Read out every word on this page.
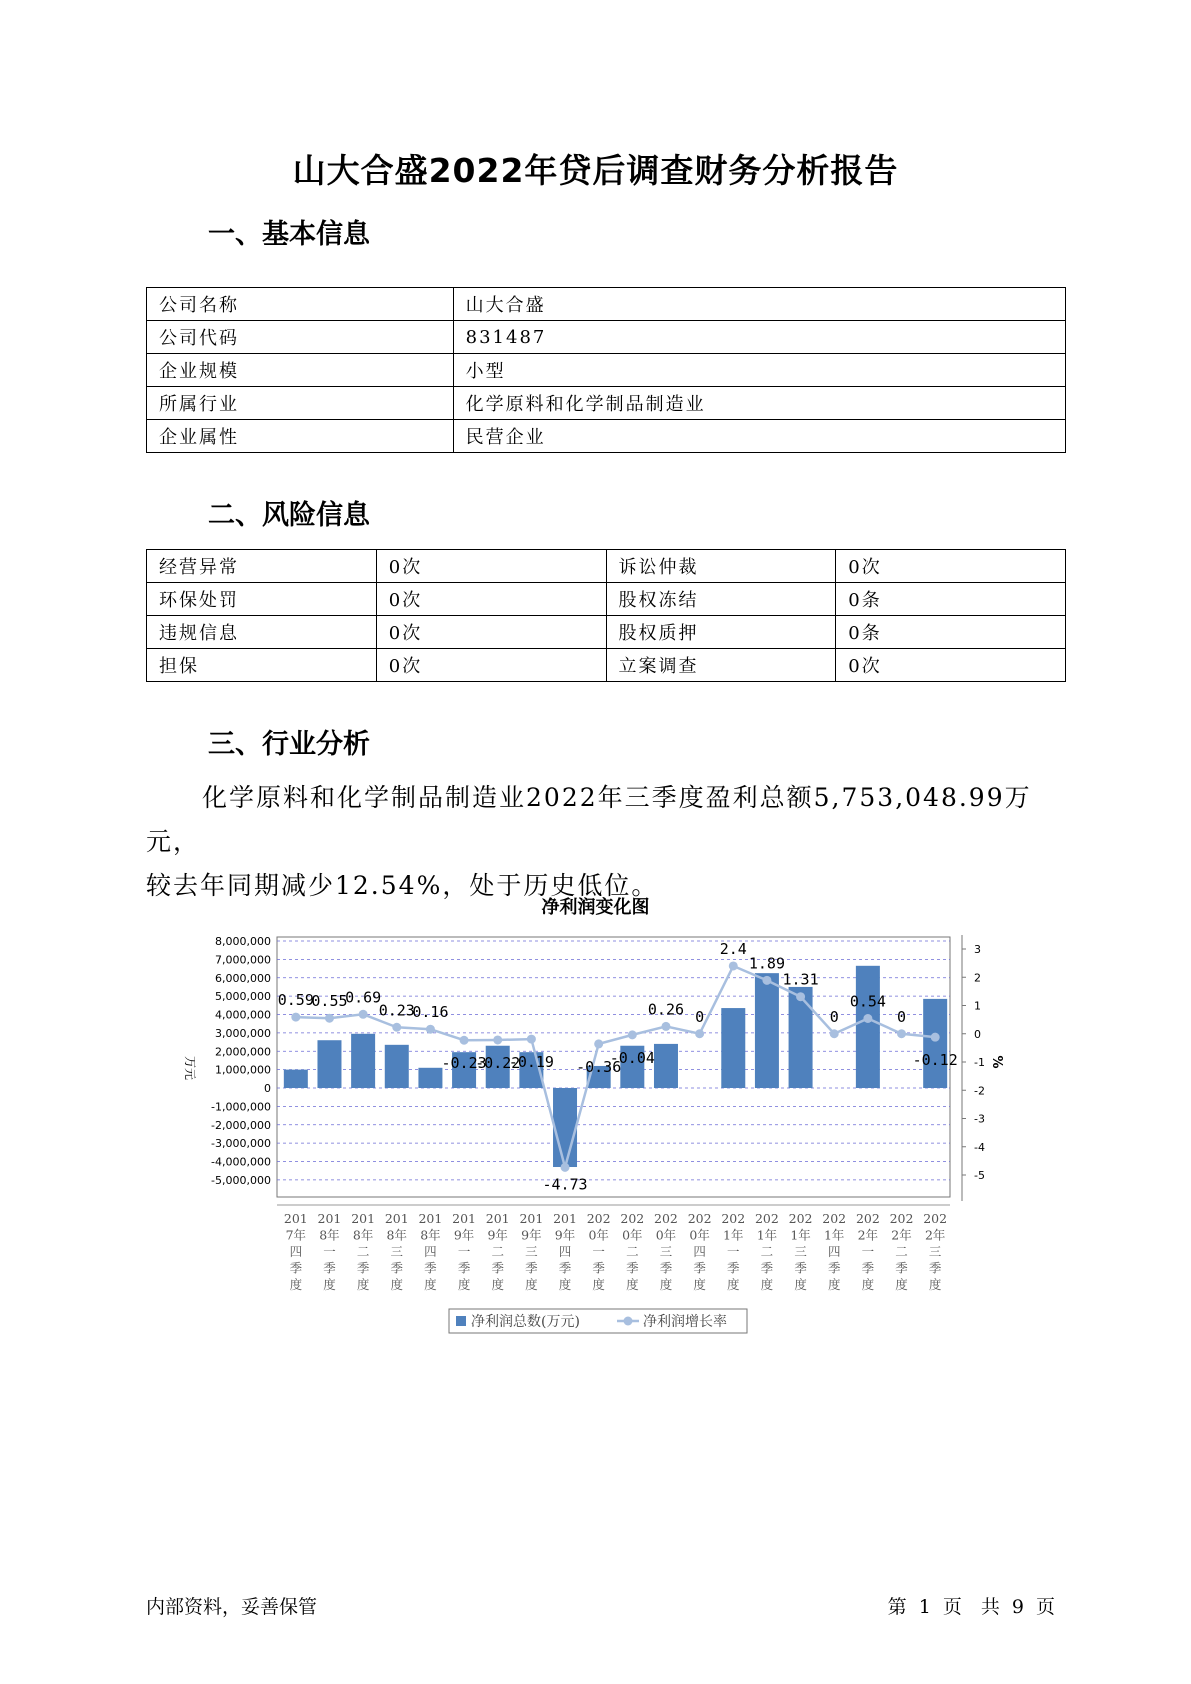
山大合盛2022年贷后调查财务分析报告
一、基本信息
公司名称	山大合盛
公司代码	831487
企业规模	小型
所属行业	化学原料和化学制品制造业
企业属性	民营企业
二、风险信息
经营异常	0次	诉讼仲裁	0次
环保处罚	0次	股权冻结	0条
违规信息	0次	股权质押	0条
担保	0次	立案调查	0次
三、行业分析
化学原料和化学制品制造业2022年三季度盈利总额5,753,048.99万元，
较去年同期减少12.54%，处于历史低位。
净利润变化图
8,000,000
7,000,000
6,000,000
5,000,000
4,000,000
3,000,000
2,000,000
1,000,000
0
-1,000,000
-2,000,000
-3,000,000
-4,000,000
-5,000,000
3
2
1
0
-1
-2
-3
-4
-5
万元	%
0.59
0.55
0.69
0.23
0.16
-0.23
-0.22
-0.19
-4.73
-0.36
-0.04
0.26 0
2.4
1.89
1.31
0
0.54
0
-0.12
201
7年
四
季
度
201
8年
一
季
度
201
8年
二
季
度
201
8年
三
季
度
201
8年
四
季
度
201
9年
一
季
度
201
9年
二
季
度
201
9年
三
季
度
201
9年
四
季
度
202
0年
一
季
度
202
0年
二
季
度
202
0年
三
季
度
202
0年
四
季
度
202
1年
一
季
度
202
1年
二
季
度
202
1年
三
季
度
202
1年
四
季
度
202
2年
一
季
度
202
2年
二
季
度
202
2年
三
季
度
净利润总数(万元)	净利润增长率
内部资料，妥善保管	第 1 页　共 9 页
